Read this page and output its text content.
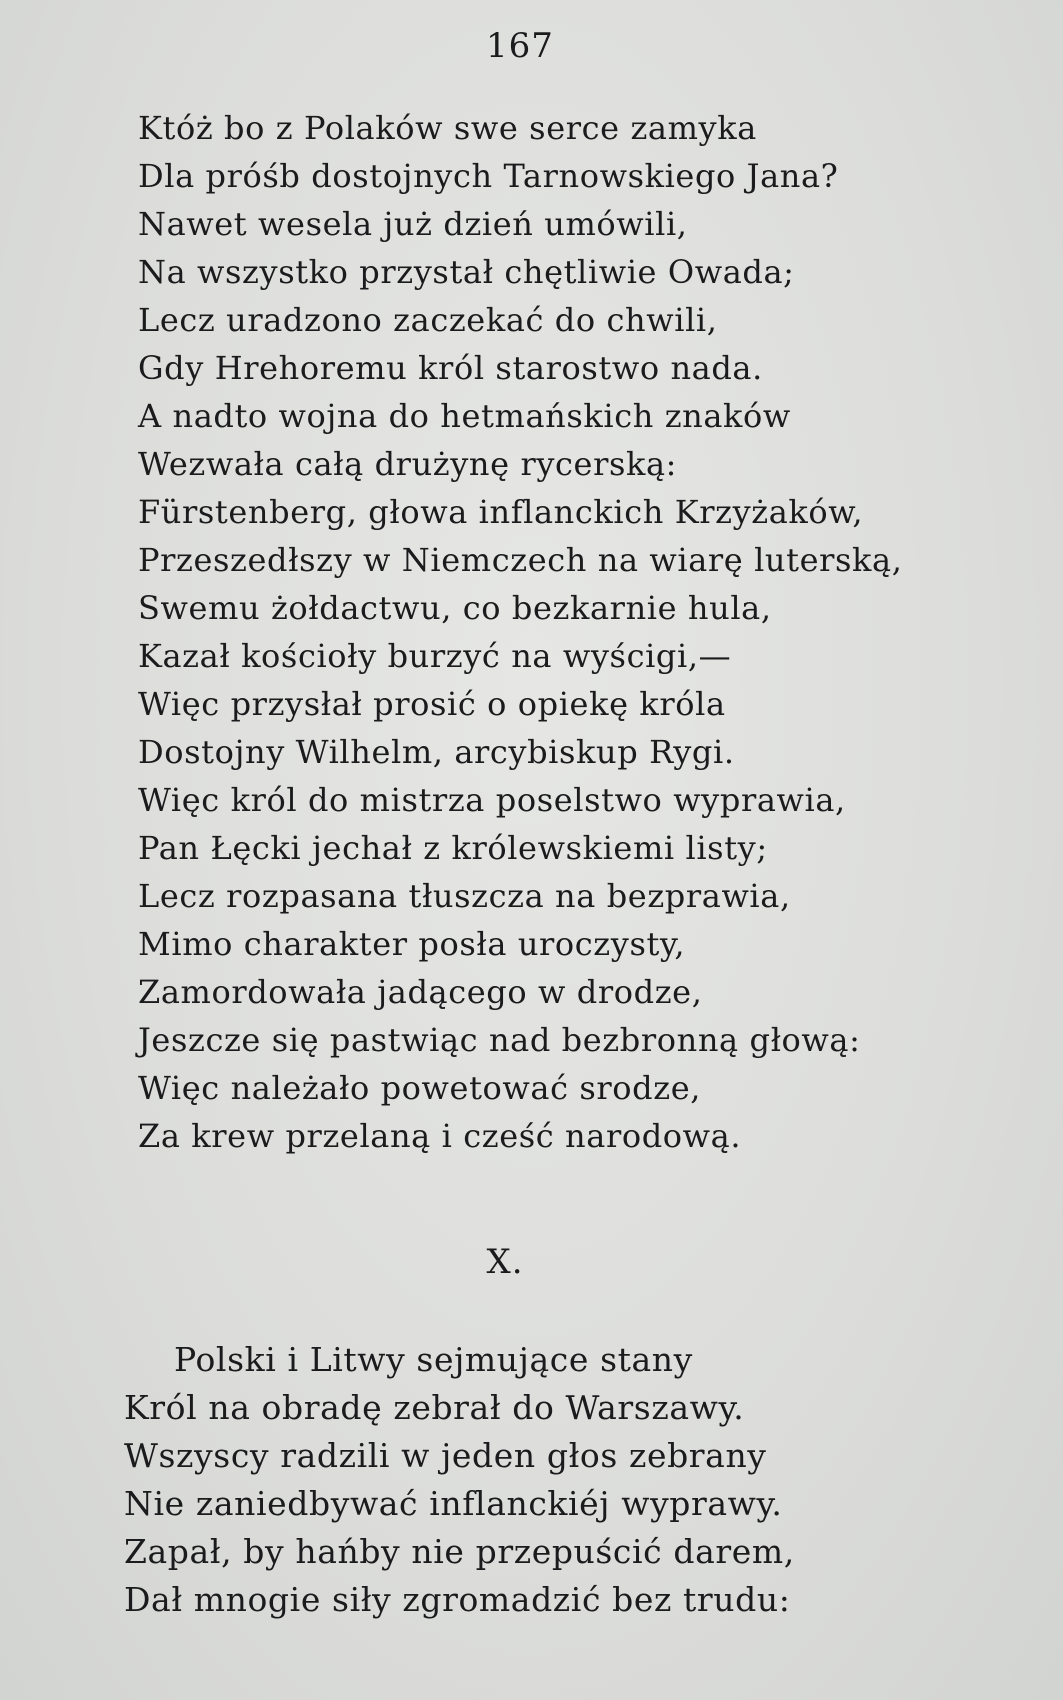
167
Któż bo z Polaków swe serce zamyka
Dla próśb dostojnych Tarnowskiego Jana?
Nawet wesela już dzień umówili,
Na wszystko przystał chętliwie Owada;
Lecz uradzono zaczekać do chwili,
Gdy Hrehoremu król starostwo nada.
A nadto wojna do hetmańskich znaków
Wezwała całą drużynę rycerską:
Fürstenberg, głowa inflanckich Krzyżaków,
Przeszedłszy w Niemczech na wiarę luterską,
Swemu żołdactwu, co bezkarnie hula,
Kazał kościoły burzyć na wyścigi,—
Więc przysłał prosić o opiekę króla
Dostojny Wilhelm, arcybiskup Rygi.
Więc król do mistrza poselstwo wyprawia,
Pan Łęcki jechał z królewskiemi listy;
Lecz rozpasana tłuszcza na bezprawia,
Mimo charakter posła uroczysty,
Zamordowała jadącego w drodze,
Jeszcze się pastwiąc nad bezbronną głową:
Więc należało powetować srodze,
Za krew przelaną i cześć narodową.
X.
Polski i Litwy sejmujące stany
Król na obradę zebrał do Warszawy.
Wszyscy radzili w jeden głos zebrany
Nie zaniedbywać inflanckiéj wyprawy.
Zapał, by hańby nie przepuścić darem,
Dał mnogie siły zgromadzić bez trudu:
